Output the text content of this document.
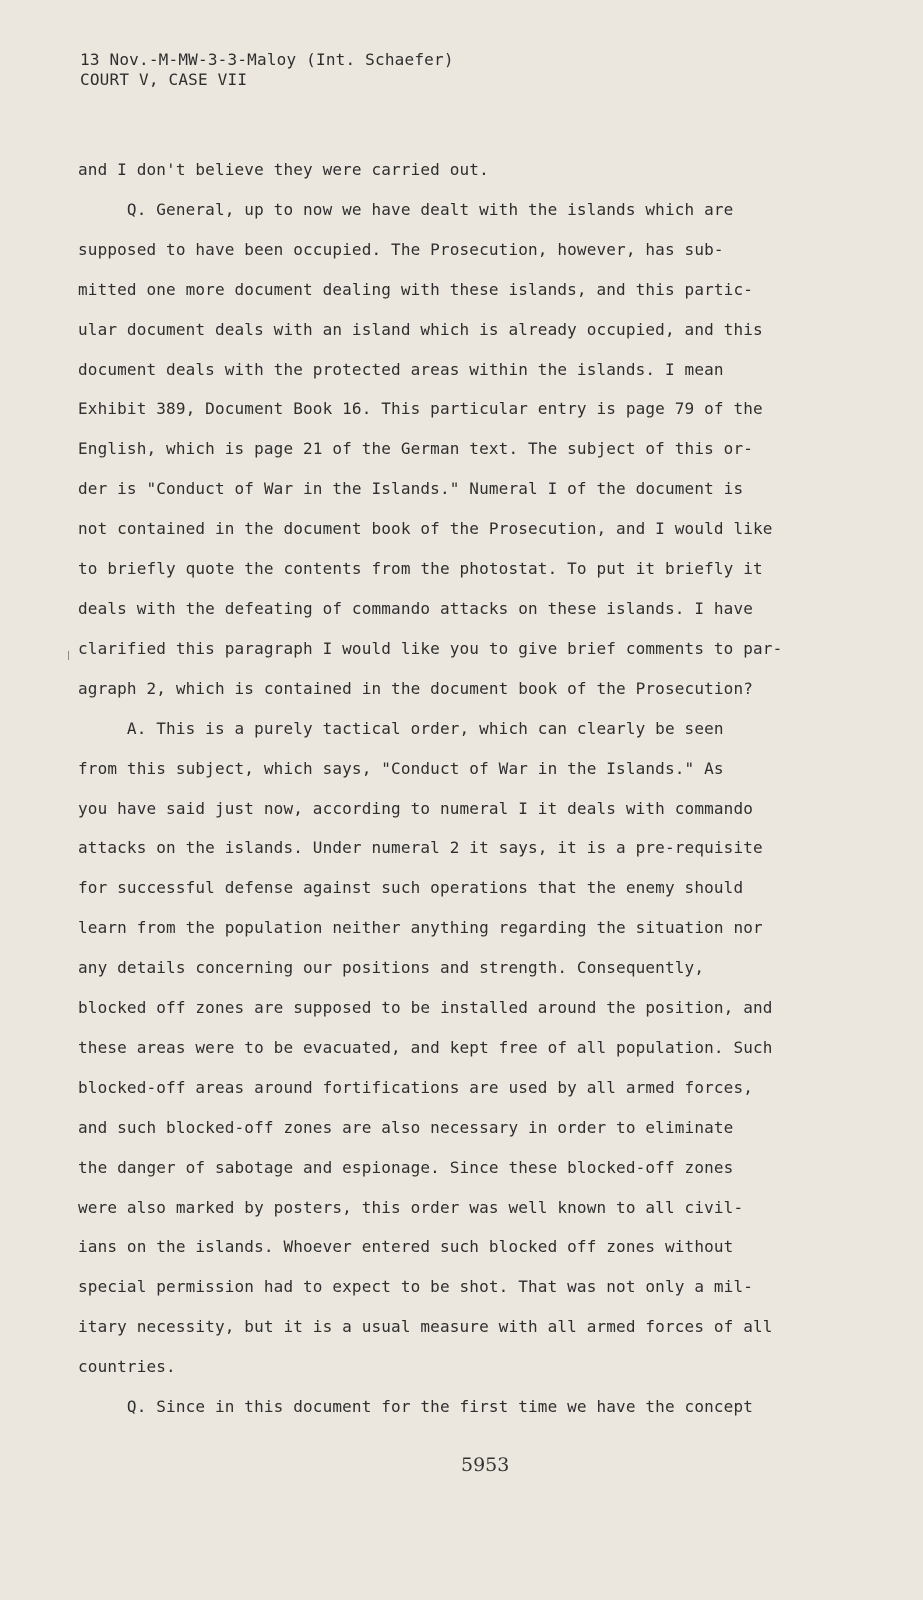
13 Nov.-M-MW-3-3-Maloy (Int. Schaefer)
COURT V, CASE VII
and I don't believe they were carried out.
Q. General, up to now we have dealt with the islands which are
supposed to have been occupied. The Prosecution, however, has sub-
mitted one more document dealing with these islands, and this partic-
ular document deals with an island which is already occupied, and this
document deals with the protected areas within the islands. I mean
Exhibit 389, Document Book 16. This particular entry is page 79 of the
English, which is page 21 of the German text. The subject of this or-
der is "Conduct of War in the Islands." Numeral I of the document is
not contained in the document book of the Prosecution, and I would like
to briefly quote the contents from the photostat. To put it briefly it
deals with the defeating of commando attacks on these islands. I have
clarified this paragraph I would like you to give brief comments to par-
agraph 2, which is contained in the document book of the Prosecution?
A. This is a purely tactical order, which can clearly be seen
from this subject, which says, "Conduct of War in the Islands." As
you have said just now, according to numeral I it deals with commando
attacks on the islands. Under numeral 2 it says, it is a pre-requisite
for successful defense against such operations that the enemy should
learn from the population neither anything regarding the situation nor
any details concerning our positions and strength. Consequently,
blocked off zones are supposed to be installed around the position, and
these areas were to be evacuated, and kept free of all population. Such
blocked-off areas around fortifications are used by all armed forces,
and such blocked-off zones are also necessary in order to eliminate
the danger of sabotage and espionage. Since these blocked-off zones
were also marked by posters, this order was well known to all civil-
ians on the islands. Whoever entered such blocked off zones without
special permission had to expect to be shot. That was not only a mil-
itary necessity, but it is a usual measure with all armed forces of all
countries.
Q. Since in this document for the first time we have the concept
5953
